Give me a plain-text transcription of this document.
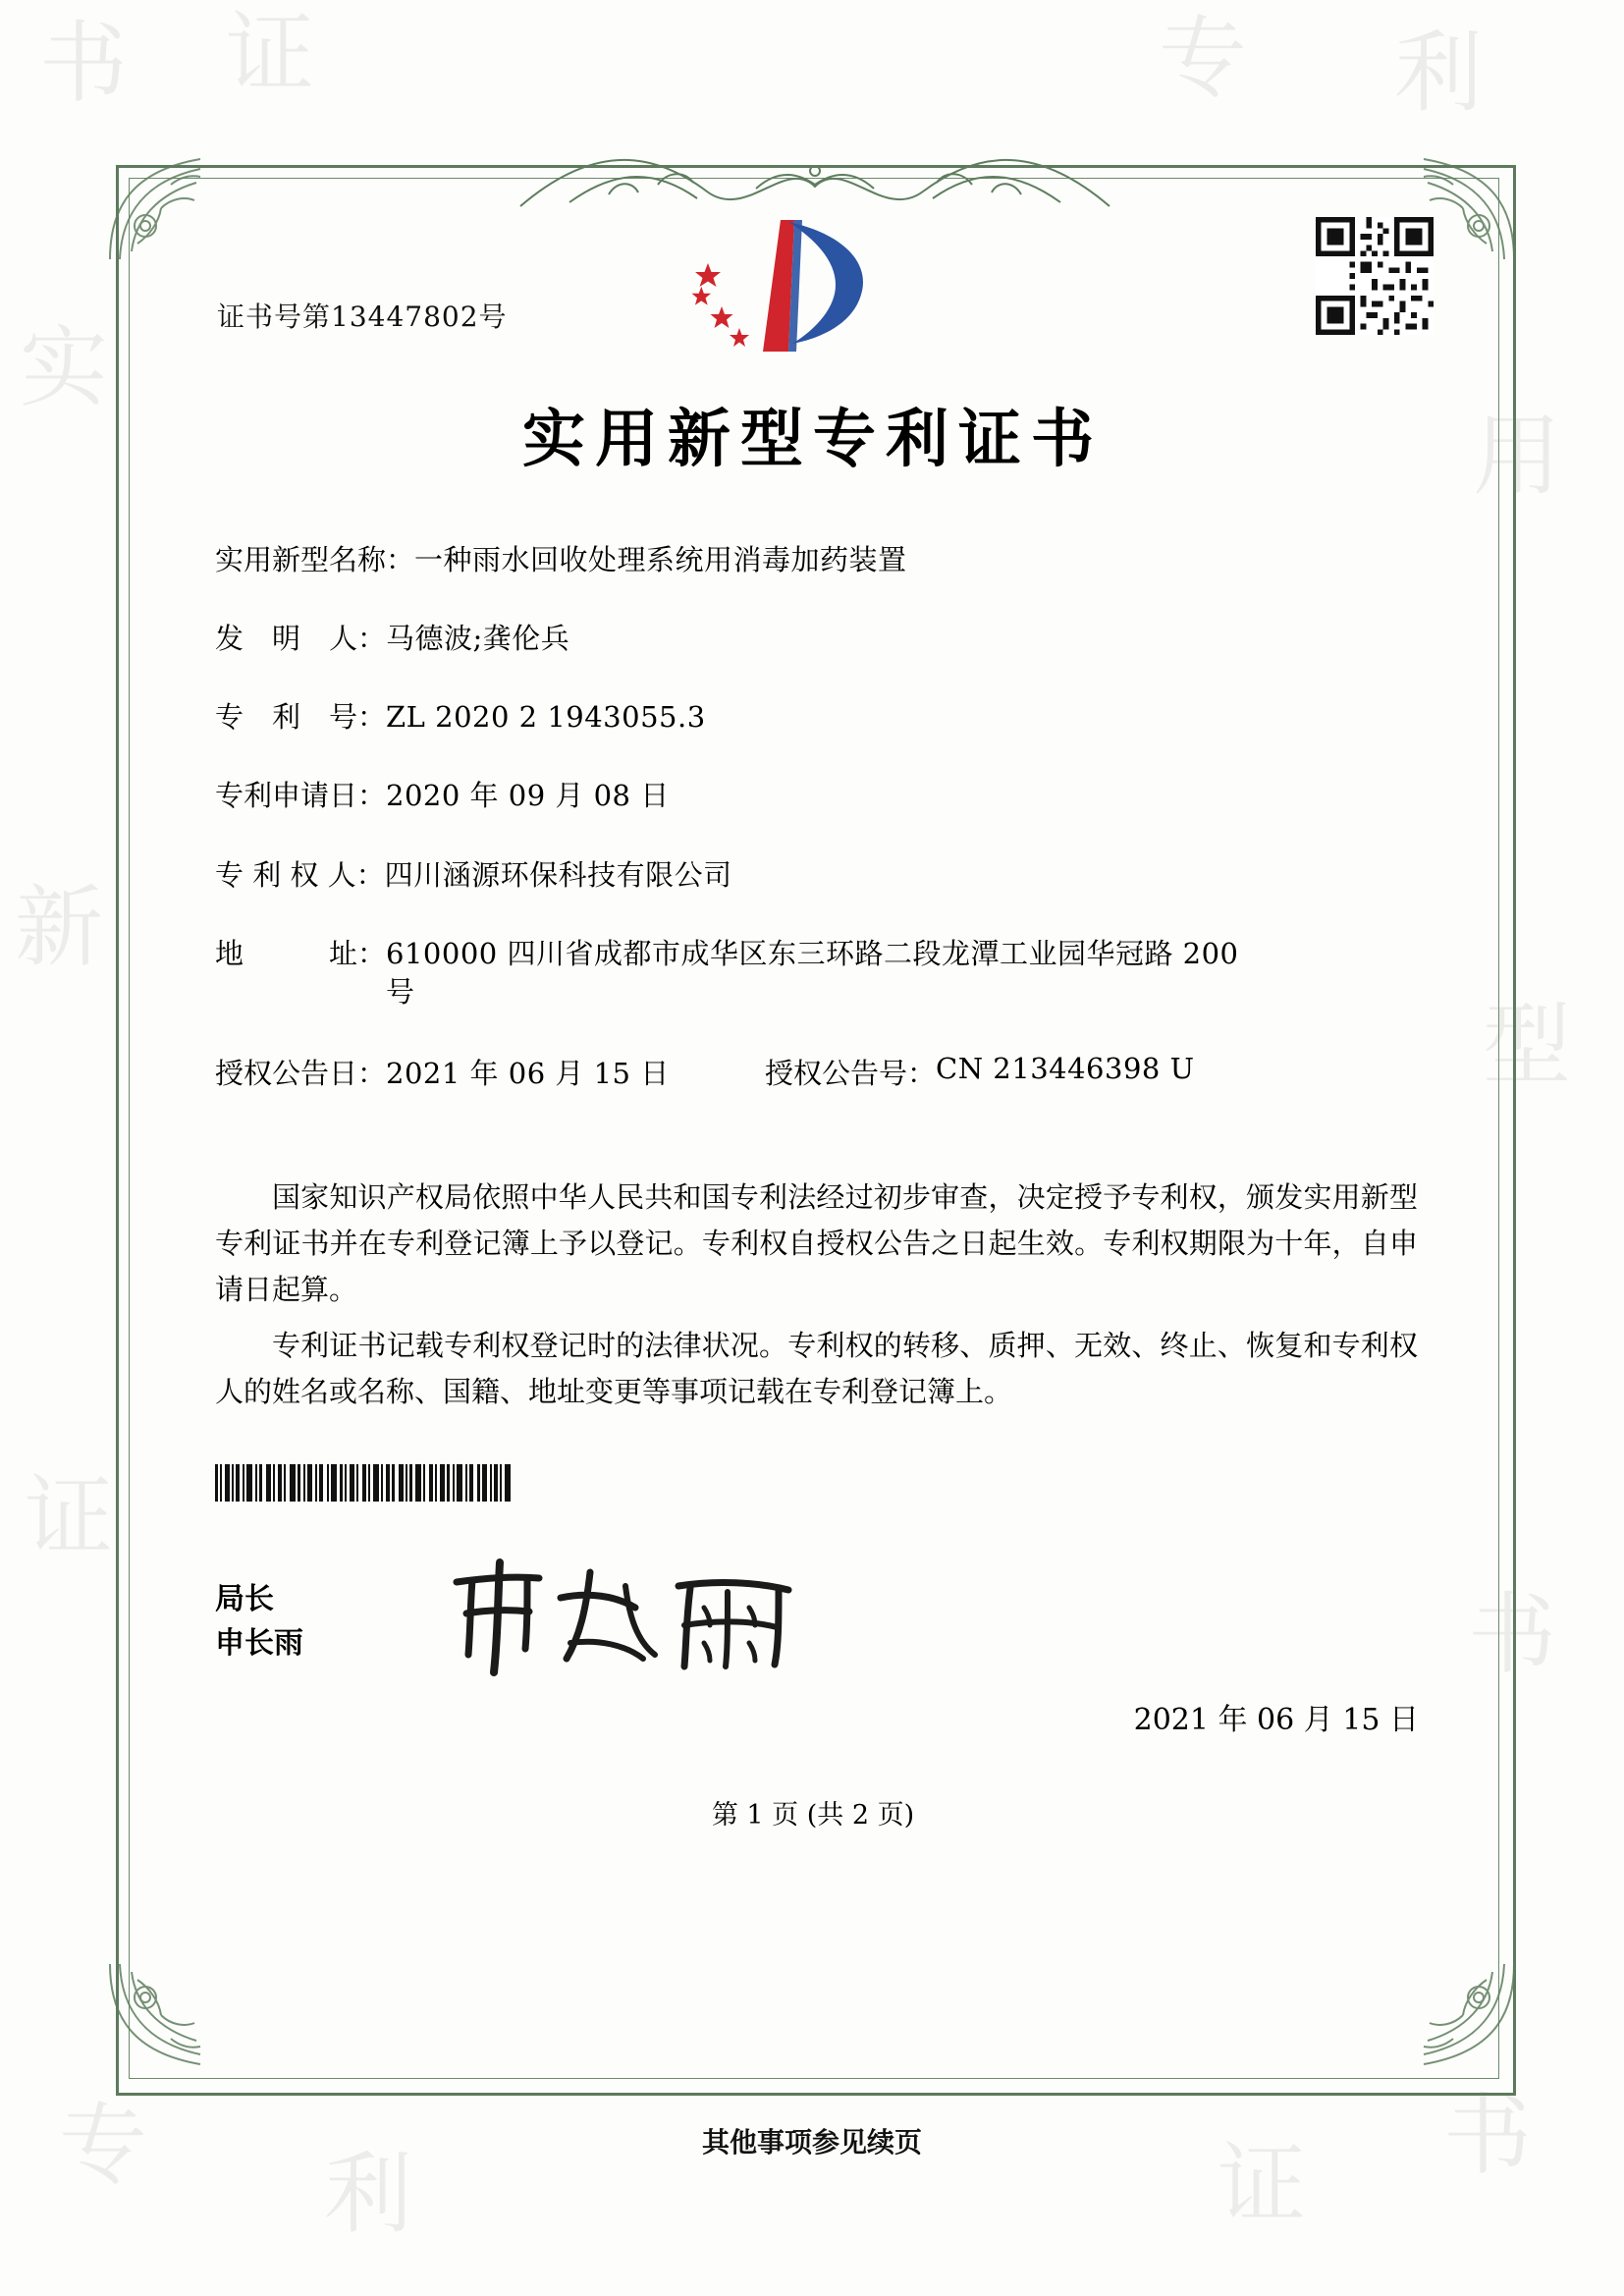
书 证	专 利
实
用
新
型
证
书
专 利	证 书
证书号第13447802号
实用新型专利证书
实用新型名称： 一种雨水回收处理系统用消毒加药装置
发　明　人： 马德波;龚伦兵
专　利　号： ZL 2020 2 1943055.3
专利申请日： 2020 年 09 月 08 日
专 利 权 人： 四川涵源环保科技有限公司
地　　　址： 610000 四川省成都市成华区东三环路二段龙潭工业园华冠路 200 号
授权公告日： 2021 年 06 月 15 日	授权公告号： CN 213446398 U

国家知识产权局依照中华人民共和国专利法经过初步审查，决定授予专利权，颁发实用新型专利证书并在专利登记簿上予以登记。专利权自授权公告之日起生效。专利权期限为十年，自申请日起算。

专利证书记载专利权登记时的法律状况。专利权的转移、质押、无效、终止、恢复和专利权人的姓名或名称、国籍、地址变更等事项记载在专利登记簿上。

局长
申长雨
2021 年 06 月 15 日
第 1 页 (共 2 页)
其他事项参见续页
